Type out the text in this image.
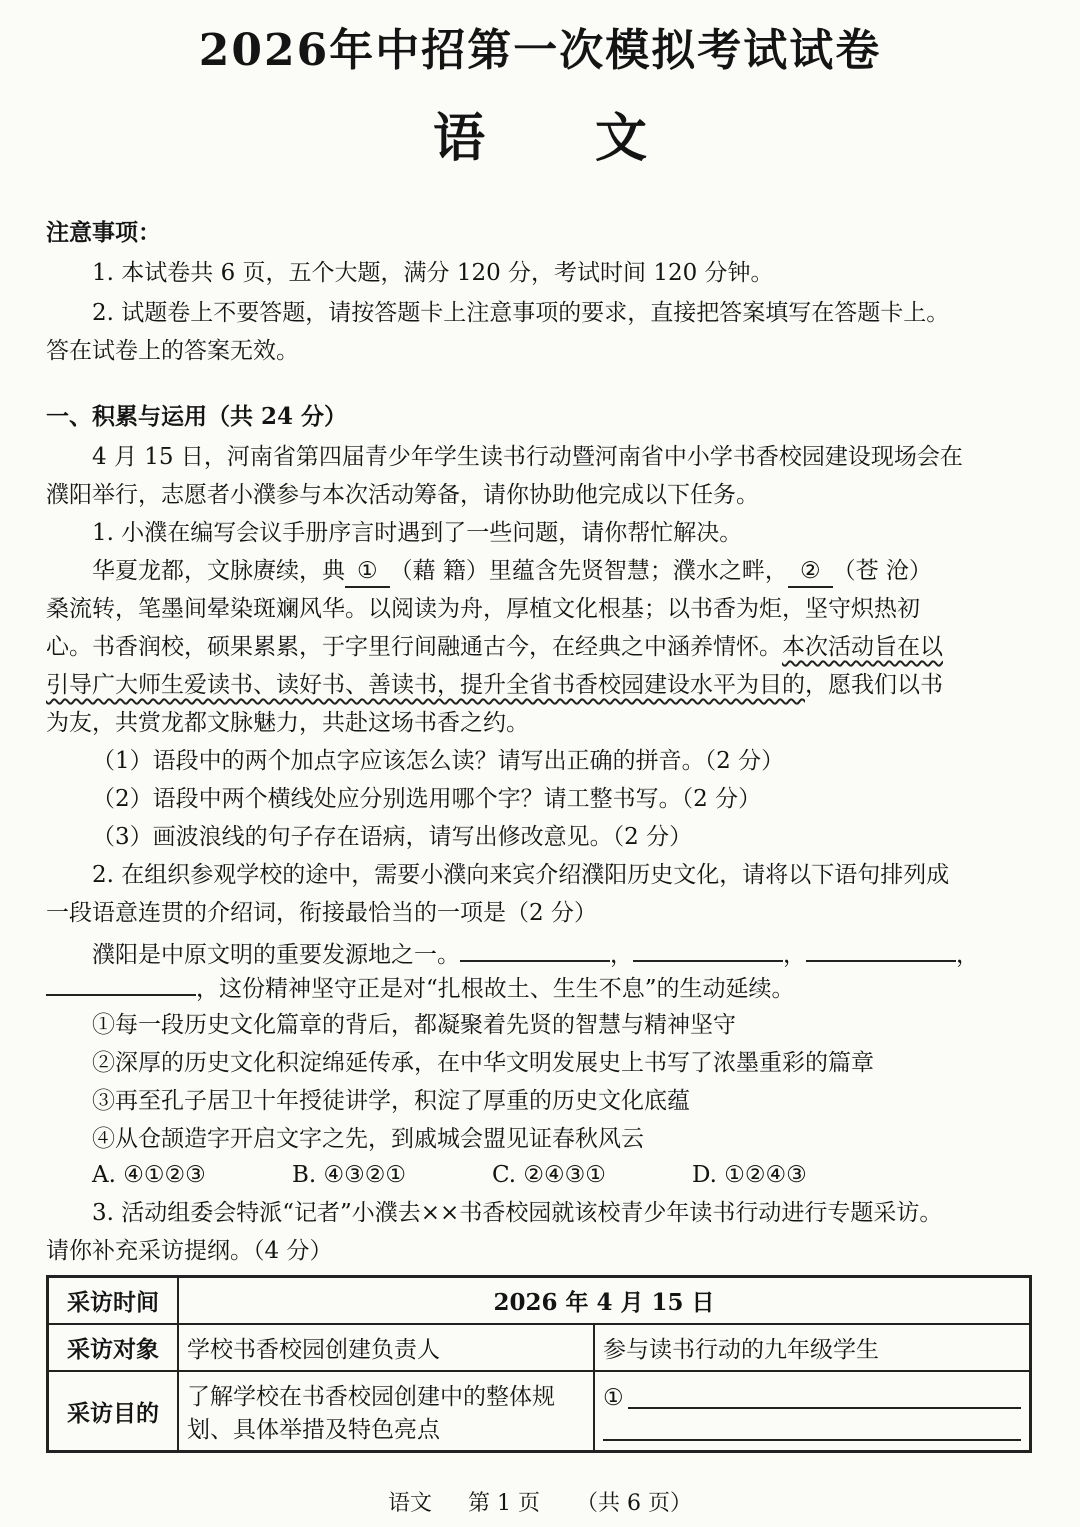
2026年中招第一次模拟考试试卷
语 文
注意事项：
1. 本试卷共 6 页，五个大题，满分 120 分，考试时间 120 分钟。
2. 试题卷上不要答题，请按答题卡上注意事项的要求，直接把答案填写在答题卡上。
答在试卷上的答案无效。
一、积累与运用（共 24 分）
4 月 15 日，河南省第四届青少年学生读书行动暨河南省中小学书香校园建设现场会在
濮阳举行，志愿者小濮参与本次活动筹备，请你协助他完成以下任务。
1. 小濮在编写会议手册序言时遇到了一些问题，请你帮忙解决。
华夏龙都，文脉赓续，典 ① （藉 籍）里蕴含先贤智慧；濮水之畔， ② （苍 沧）
桑流转，笔墨间晕染斑斓风华。以阅读为舟，厚植文化根基；以书香为炬，坚守炽热初
心。书香润校，硕果累累，于字里行间融通古今，在经典之中涵养情怀。本次活动旨在以
引导广大师生爱读书、读好书、善读书，提升全省书香校园建设水平为目的，愿我们以书
为友，共赏龙都文脉魅力，共赴这场书香之约。
（1）语段中的两个加点字应该怎么读？请写出正确的拼音。（2 分）
（2）语段中两个横线处应分别选用哪个字？请工整书写。（2 分）
（3）画波浪线的句子存在语病，请写出修改意见。（2 分）
2. 在组织参观学校的途中，需要小濮向来宾介绍濮阳历史文化，请将以下语句排列成
一段语意连贯的介绍词，衔接最恰当的一项是（2 分）
濮阳是中原文明的重要发源地之一。	，	，	，
，这份精神坚守正是对“扎根故土、生生不息”的生动延续。
①每一段历史文化篇章的背后，都凝聚着先贤的智慧与精神坚守
②深厚的历史文化积淀绵延传承，在中华文明发展史上书写了浓墨重彩的篇章
③再至孔子居卫十年授徒讲学，积淀了厚重的历史文化底蕴
④从仓颉造字开启文字之先，到戚城会盟见证春秋风云
A. ④①②③	B. ④③②①	C. ②④③①	D. ①②④③
3. 活动组委会特派“记者”小濮去××书香校园就该校青少年读书行动进行专题采访。
请你补充采访提纲。（4 分）
采访时间	2026 年 4 月 15 日	
采访对象	学校书香校园创建负责人	参与读书行动的九年级学生
采访目的	了解学校在书香校园创建中的整体规
划、具体举措及特色亮点	①
语文 第 1 页 （共 6 页）
